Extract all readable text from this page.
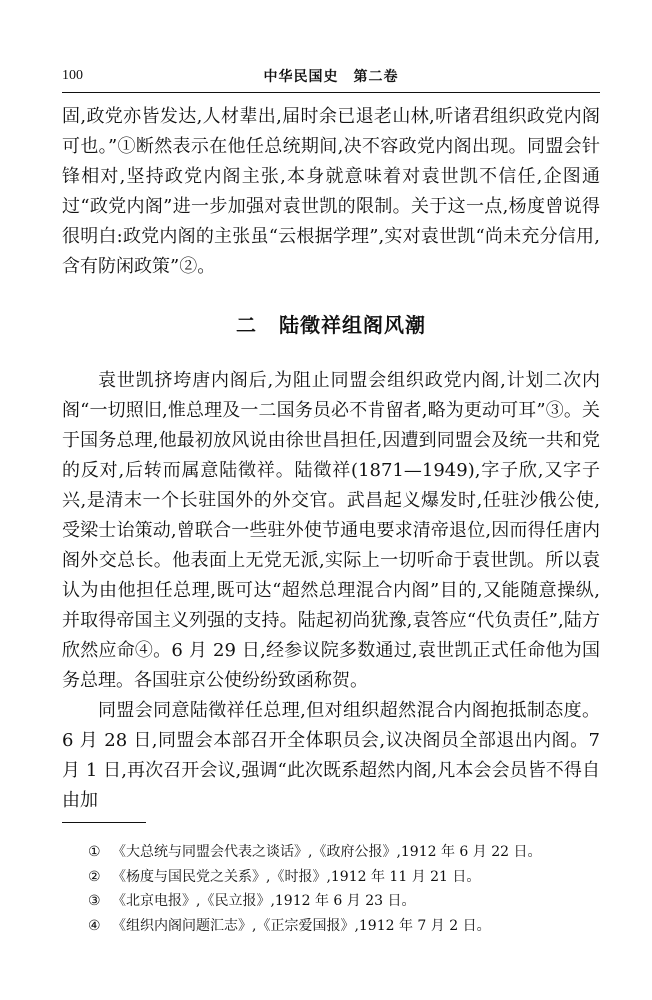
100	中华民国史　第二卷

固,政党亦皆发达,人材辈出,届时余已退老山林,听诸君组织政党内阁可也。”①断然表示在他任总统期间,决不容政党内阁出现。同盟会针锋相对,坚持政党内阁主张,本身就意味着对袁世凯不信任,企图通过“政党内阁”进一步加强对袁世凯的限制。关于这一点,杨度曾说得很明白:政党内阁的主张虽“云根据学理”,实对袁世凯“尚未充分信用,含有防闲政策”②。

二 陆徵祥组阁风潮

袁世凯挤垮唐内阁后,为阻止同盟会组织政党内阁,计划二次内阁“一切照旧,惟总理及一二国务员必不肯留者,略为更动可耳”③。关于国务总理,他最初放风说由徐世昌担任,因遭到同盟会及统一共和党的反对,后转而属意陆徵祥。陆徵祥(1871—1949),字子欣,又字子兴,是清末一个长驻国外的外交官。武昌起义爆发时,任驻沙俄公使,受梁士诒策动,曾联合一些驻外使节通电要求清帝退位,因而得任唐内阁外交总长。他表面上无党无派,实际上一切听命于袁世凯。所以袁认为由他担任总理,既可达“超然总理混合内阁”目的,又能随意操纵,并取得帝国主义列强的支持。陆起初尚犹豫,袁答应“代负责任”,陆方欣然应命④。6 月 29 日,经参议院多数通过,袁世凯正式任命他为国务总理。各国驻京公使纷纷致函称贺。

同盟会同意陆徵祥任总理,但对组织超然混合内阁抱抵制态度。6 月 28 日,同盟会本部召开全体职员会,议决阁员全部退出内阁。7 月 1 日,再次召开会议,强调“此次既系超然内阁,凡本会会员皆不得自由加

① 《大总统与同盟会代表之谈话》,《政府公报》,1912 年 6 月 22 日。
② 《杨度与国民党之关系》,《时报》,1912 年 11 月 21 日。
③ 《北京电报》,《民立报》,1912 年 6 月 23 日。
④ 《组织内阁问题汇志》,《正宗爱国报》,1912 年 7 月 2 日。
